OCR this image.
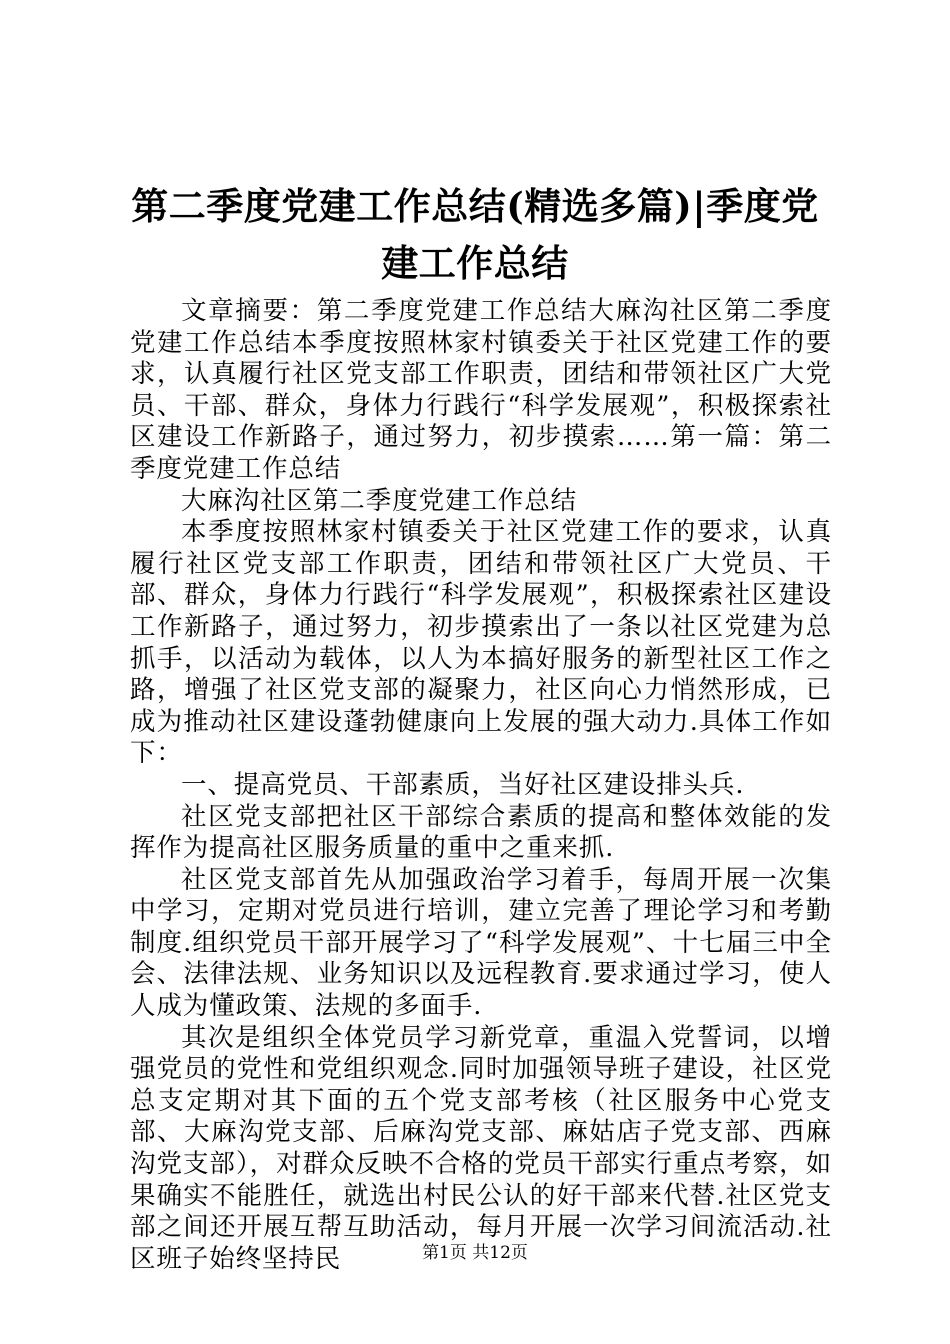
第二季度党建工作总结(精选多篇)|季度党建工作总结

文章摘要：第二季度党建工作总结大麻沟社区第二季度党建工作总结本季度按照林家村镇委关于社区党建工作的要求，认真履行社区党支部工作职责，团结和带领社区广大党员、干部、群众，身体力行践行“科学发展观”，积极探索社区建设工作新路子，通过努力，初步摸索……第一篇：第二季度党建工作总结

大麻沟社区第二季度党建工作总结

本季度按照林家村镇委关于社区党建工作的要求，认真履行社区党支部工作职责，团结和带领社区广大党员、干部、群众，身体力行践行“科学发展观”，积极探索社区建设工作新路子，通过努力，初步摸索出了一条以社区党建为总抓手，以活动为载体，以人为本搞好服务的新型社区工作之路，增强了社区党支部的凝聚力，社区向心力悄然形成，已成为推动社区建设蓬勃健康向上发展的强大动力.具体工作如下：

一、提高党员、干部素质，当好社区建设排头兵.

社区党支部把社区干部综合素质的提高和整体效能的发挥作为提高社区服务质量的重中之重来抓.

社区党支部首先从加强政治学习着手，每周开展一次集中学习，定期对党员进行培训，建立完善了理论学习和考勤制度.组织党员干部开展学习了“科学发展观”、十七届三中全会、法律法规、业务知识以及远程教育.要求通过学习，使人人成为懂政策、法规的多面手.

其次是组织全体党员学习新党章，重温入党誓词，以增强党员的党性和党组织观念.同时加强领导班子建设，社区党总支定期对其下面的五个党支部考核（社区服务中心党支部、大麻沟党支部、后麻沟党支部、麻姑店子党支部、西麻沟党支部），对群众反映不合格的党员干部实行重点考察，如果确实不能胜任，就选出村民公认的好干部来代替.社区党支部之间还开展互帮互助活动，每月开展一次学习间流活动.社区班子始终坚持民	第1页 共12页
